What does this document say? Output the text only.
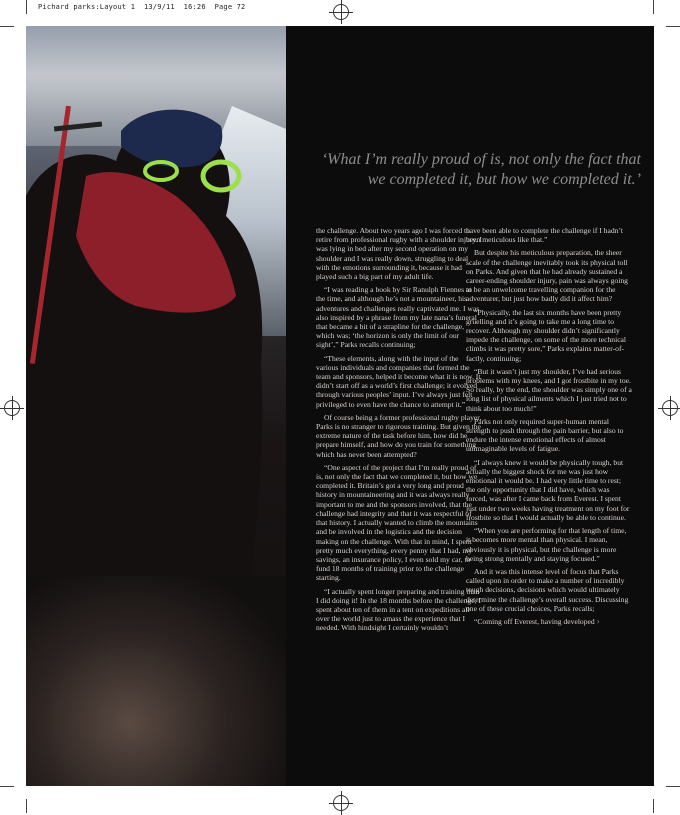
Pichard parks:Layout 1  13/9/11  16:26  Page 72
‘What I’m really proud of is, not only the fact that
we completed it, but how we completed it.’

the challenge. About two years ago I was forced to retire from professional rugby with a shoulder injury. I was lying in bed after my second operation on my shoulder and I was really down, struggling to deal with the emotions surrounding it, because it had played such a big part of my adult life.

“I was reading a book by Sir Ranulph Fiennes at the time, and although he’s not a mountaineer, his adventures and challenges really captivated me. I was also inspired by a phrase from my late nana’s funeral that became a bit of a strapline for the challenge, which was; ‘the horizon is only the limit of our sight’,” Parks recalls continuing;

“These elements, along with the input of the various individuals and companies that formed the team and sponsors, helped it become what it is now. It didn’t start off as a world’s first challenge; it evolved through various peoples’ input. I’ve always just felt privileged to even have the chance to attempt it.”

Of course being a former professional rugby player, Parks is no stranger to rigorous training. But given the extreme nature of the task before him, how did he prepare himself, and how do you train for something which has never been attempted?

“One aspect of the project that I’m really proud of is, not only the fact that we completed it, but how we completed it. Britain’s got a very long and proud history in mountaineering and it was always really important to me and the sponsors involved, that the challenge had integrity and that it was respectful of that history. I actually wanted to climb the mountains and be involved in the logistics and the decision making on the challenge. With that in mind, I spent pretty much everything, every penny that I had, my savings, an insurance policy, I even sold my car, to fund 18 months of training prior to the challenge starting.

“I actually spent longer preparing and training than I did doing it! In the 18 months before the challenge, I spent about ten of them in a tent on expeditions all over the world just to amass the experience that I needed. With hindsight I certainly wouldn’t

have been able to complete the challenge if I hadn’t been meticulous like that.”

But despite his meticulous preparation, the sheer scale of the challenge inevitably took its physical toll on Parks. And given that he had already sustained a career-ending shoulder injury, pain was always going to be an unwelcome travelling companion for the adventurer, but just how badly did it affect him?

“Physically, the last six months have been pretty gruelling and it’s going to take me a long time to recover. Although my shoulder didn’t significantly impede the challenge, on some of the more technical climbs it was pretty sore,” Parks explains matter-of-factly, continuing;

“But it wasn’t just my shoulder, I’ve had serious problems with my knees, and I got frostbite in my toe. So really, by the end, the shoulder was simply one of a long list of physical ailments which I just tried not to think about too much!”

Parks not only required super-human mental strength to push through the pain barrier, but also to endure the intense emotional effects of almost unimaginable levels of fatigue.

“I always knew it would be physically tough, but actually the biggest shock for me was just how emotional it would be. I had very little time to rest; the only opportunity that I did have, which was forced, was after I came back from Everest. I spent just under two weeks having treatment on my foot for frostbite so that I would actually be able to continue.

“When you are performing for that length of time, it becomes more mental than physical. I mean, obviously it is physical, but the challenge is more being strong mentally and staying focused.”

And it was this intense level of focus that Parks called upon in order to make a number of incredibly tough decisions, decisions which would ultimately determine the challenge’s overall success. Discussing one of these crucial choices, Parks recalls;

“Coming off Everest, having developed ›
